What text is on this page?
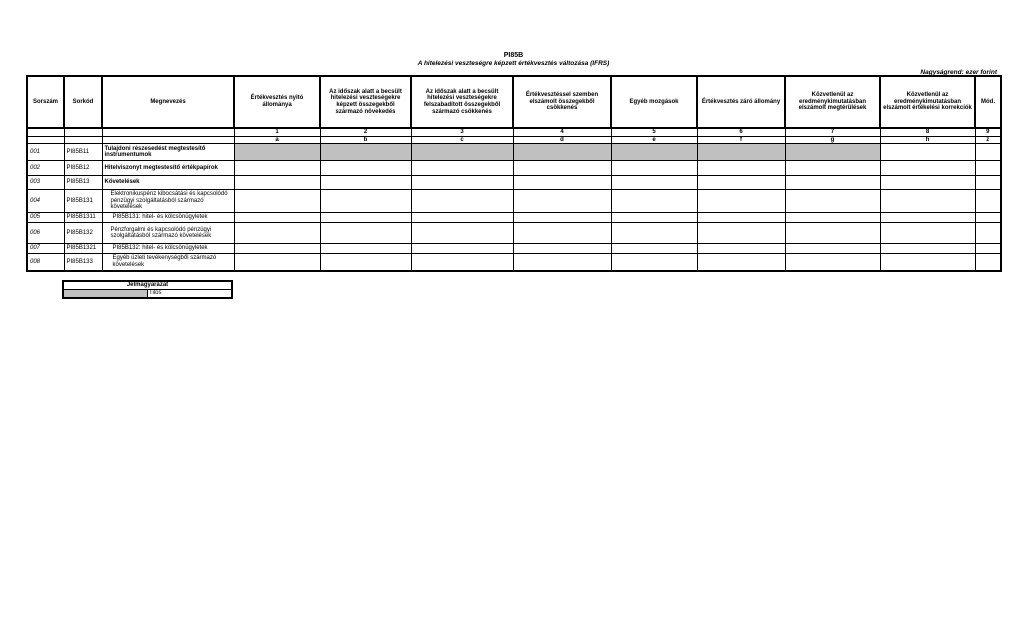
PI85B
A hitelezési veszteségre képzett értékvesztés változása (IFRS)
Nagyságrend: ezer forint
Sorszám	Sorkód	Megnevezés	Értékvesztés nyitó állománya	Az időszak alatt a becsült hitelezési veszteségekre képzett összegekből származó növekedés	Az időszak alatt a becsült hitelezési veszteségekre felszabadított összegekből származó csökkenés	Értékvesztéssel szemben elszámolt összegekből csökkenés	Egyéb mozgások	Értékvesztés záró állomány	Közvetlenül az eredménykimutatásban elszámolt megtérülések	Közvetlenül az eredménykimutatásban elszámolt értékelési korrekciók	Mód.
			1	2	3	4	5	6	7	8	9
			a	b	c	d	e	f	g	h	z
001	PI85B11	Tulajdoni részesedést megtestesítő instrumentumok									
002	PI85B12	Hitelviszonyt megtestesítő értékpapírok									
003	PI85B13	Követelések									
004	PI85B131	Elektronikuspénz kibocsátási és kapcsolódó pénzügyi szolgáltatásból származó követelések									
005	PI85B1311	PI85B131: hitel- és kölcsönügyletek									
006	PI85B132	Pénzforgalmi és kapcsolódó pénzügyi szolgáltatásból származó követelések									
007	PI85B1321	PI85B132: hitel- és kölcsönügyletek									
008	PI85B133	Egyéb üzleti tevékenységből származó követelések									
Jelmagyarázat
	Tilos
